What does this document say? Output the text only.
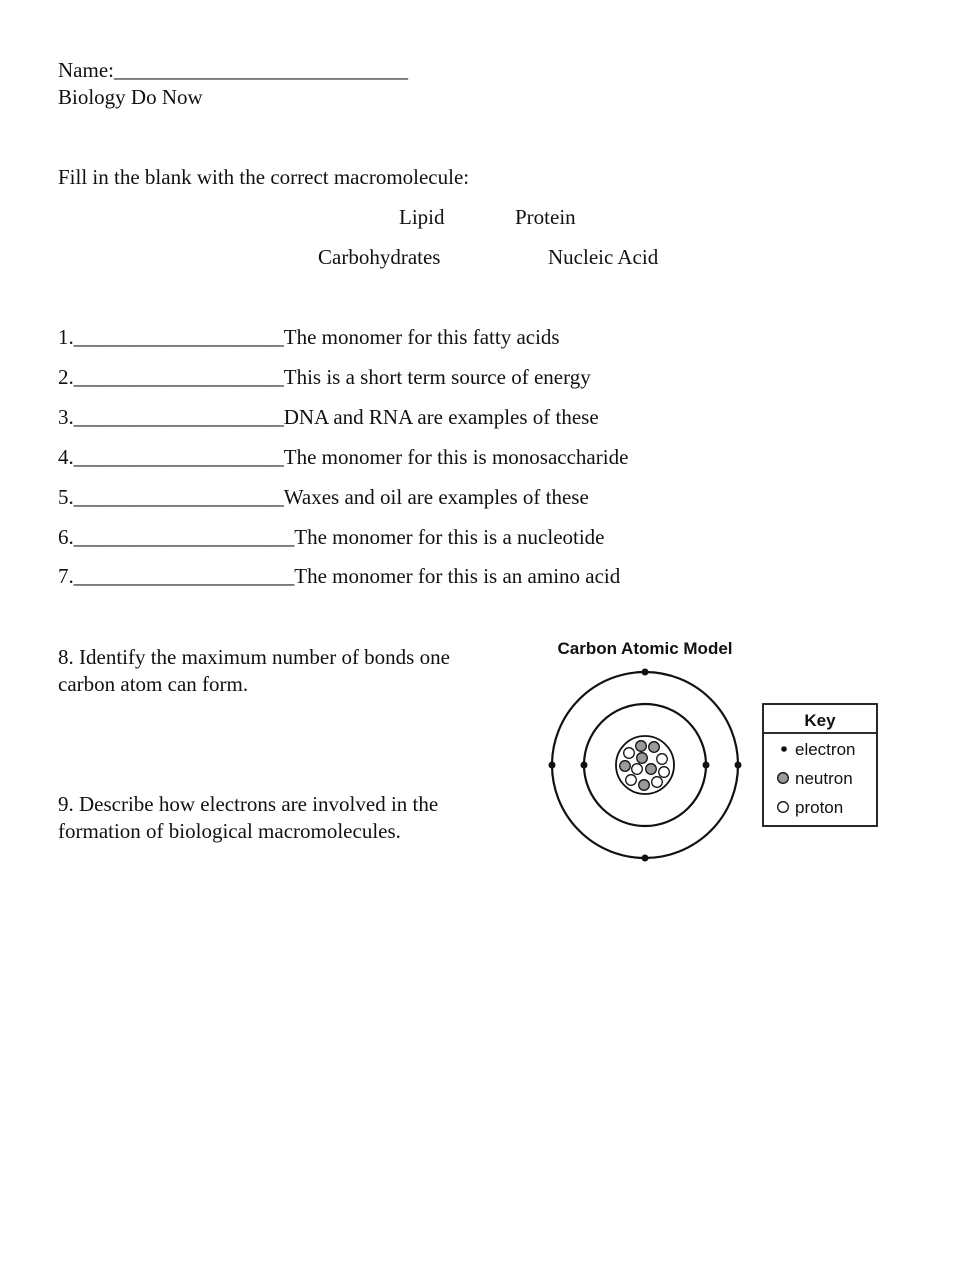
Name:____________________________
Biology Do Now
Fill in the blank with the correct macromolecule:
Lipid	Protein
Carbohydrates	Nucleic Acid
1.____________________The monomer for this fatty acids
2.____________________This is a short term source of energy
3.____________________DNA and RNA are examples of these
4.____________________The monomer for this is monosaccharide
5.____________________Waxes and oil are examples of these
6._____________________The monomer for this is a nucleotide
7._____________________The monomer for this is an amino acid
8. Identify the maximum number of bonds one
carbon atom can form.
9. Describe how electrons are involved in the
formation of biological macromolecules.
Carbon Atomic Model
Key
electron
neutron
proton
